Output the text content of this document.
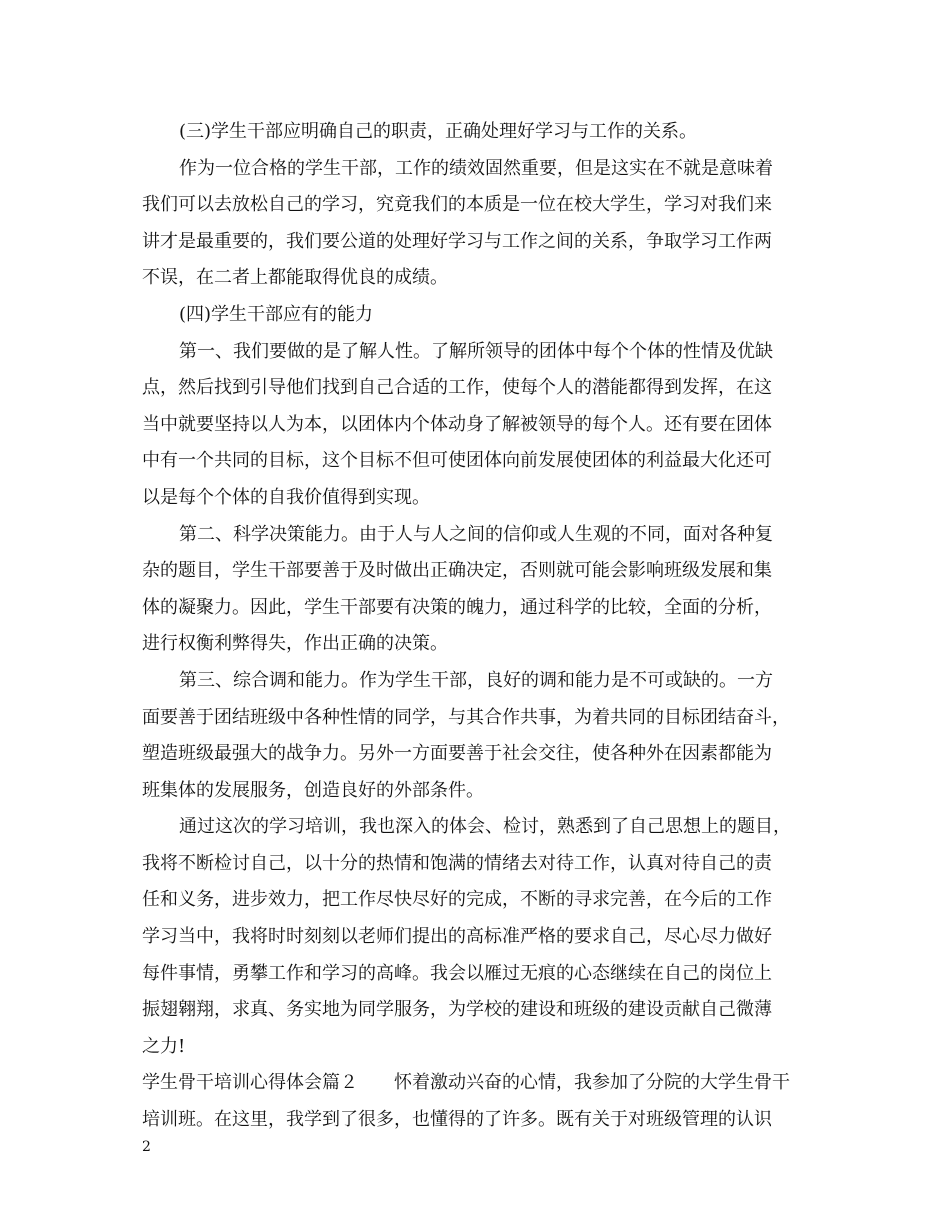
(三)学生干部应明确自己的职责，正确处理好学习与工作的关系。
作为一位合格的学生干部，工作的绩效固然重要，但是这实在不就是意味着
我们可以去放松自己的学习，究竟我们的本质是一位在校大学生，学习对我们来
讲才是最重要的，我们要公道的处理好学习与工作之间的关系，争取学习工作两
不误，在二者上都能取得优良的成绩。
(四)学生干部应有的能力
第一、我们要做的是了解人性。了解所领导的团体中每个个体的性情及优缺
点，然后找到引导他们找到自己合适的工作，使每个人的潜能都得到发挥，在这
当中就要坚持以人为本，以团体内个体动身了解被领导的每个人。还有要在团体
中有一个共同的目标，这个目标不但可使团体向前发展使团体的利益最大化还可
以是每个个体的自我价值得到实现。
第二、科学决策能力。由于人与人之间的信仰或人生观的不同，面对各种复
杂的题目，学生干部要善于及时做出正确决定，否则就可能会影响班级发展和集
体的凝聚力。因此，学生干部要有决策的魄力，通过科学的比较，全面的分析，
进行权衡利弊得失，作出正确的决策。
第三、综合调和能力。作为学生干部，良好的调和能力是不可或缺的。一方
面要善于团结班级中各种性情的同学，与其合作共事，为着共同的目标团结奋斗，
塑造班级最强大的战争力。另外一方面要善于社会交往，使各种外在因素都能为
班集体的发展服务，创造良好的外部条件。
通过这次的学习培训，我也深入的体会、检讨，熟悉到了自己思想上的题目，
我将不断检讨自己，以十分的热情和饱满的情绪去对待工作，认真对待自己的责
任和义务，进步效力，把工作尽快尽好的完成，不断的寻求完善，在今后的工作
学习当中，我将时时刻刻以老师们提出的高标准严格的要求自己，尽心尽力做好
每件事情，勇攀工作和学习的高峰。我会以雁过无痕的心态继续在自己的岗位上
振翅翱翔，求真、务实地为同学服务，为学校的建设和班级的建设贡献自己微薄
之力!
学生骨干培训心得体会篇２　　怀着激动兴奋的心情，我参加了分院的大学生骨干
培训班。在这里，我学到了很多，也懂得的了许多。既有关于对班级管理的认识
2
